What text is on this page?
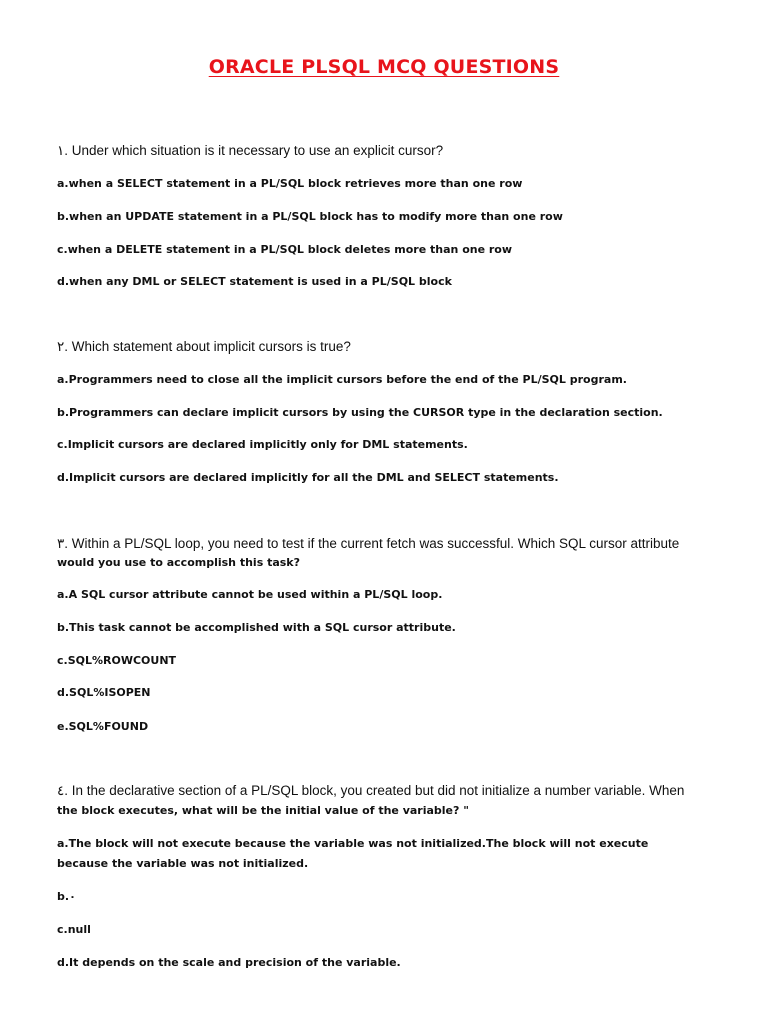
ORACLE PLSQL MCQ QUESTIONS
١. Under which situation is it necessary to use an explicit cursor?
a.when a SELECT statement in a PL/SQL block retrieves more than one row
b.when an UPDATE statement in a PL/SQL block has to modify more than one row
c.when a DELETE statement in a PL/SQL block deletes more than one row
d.when any DML or SELECT statement is used in a PL/SQL block
٢. Which statement about implicit cursors is true?
a.Programmers need to close all the implicit cursors before the end of the PL/SQL program.
b.Programmers can declare implicit cursors by using the CURSOR type in the declaration section.
c.Implicit cursors are declared implicitly only for DML statements.
d.Implicit cursors are declared implicitly for all the DML and SELECT statements.
٣. Within a PL/SQL loop, you need to test if the current fetch was successful. Which SQL cursor attribute
would you use to accomplish this task?
a.A SQL cursor attribute cannot be used within a PL/SQL loop.
b.This task cannot be accomplished with a SQL cursor attribute.
c.SQL%ROWCOUNT
d.SQL%ISOPEN
e.SQL%FOUND
٤. In the declarative section of a PL/SQL block, you created but did not initialize a number variable. When
the block executes, what will be the initial value of the variable? "
a.The block will not execute because the variable was not initialized.The block will not execute because the variable was not initialized.
b.٠
c.null
d.It depends on the scale and precision of the variable.
